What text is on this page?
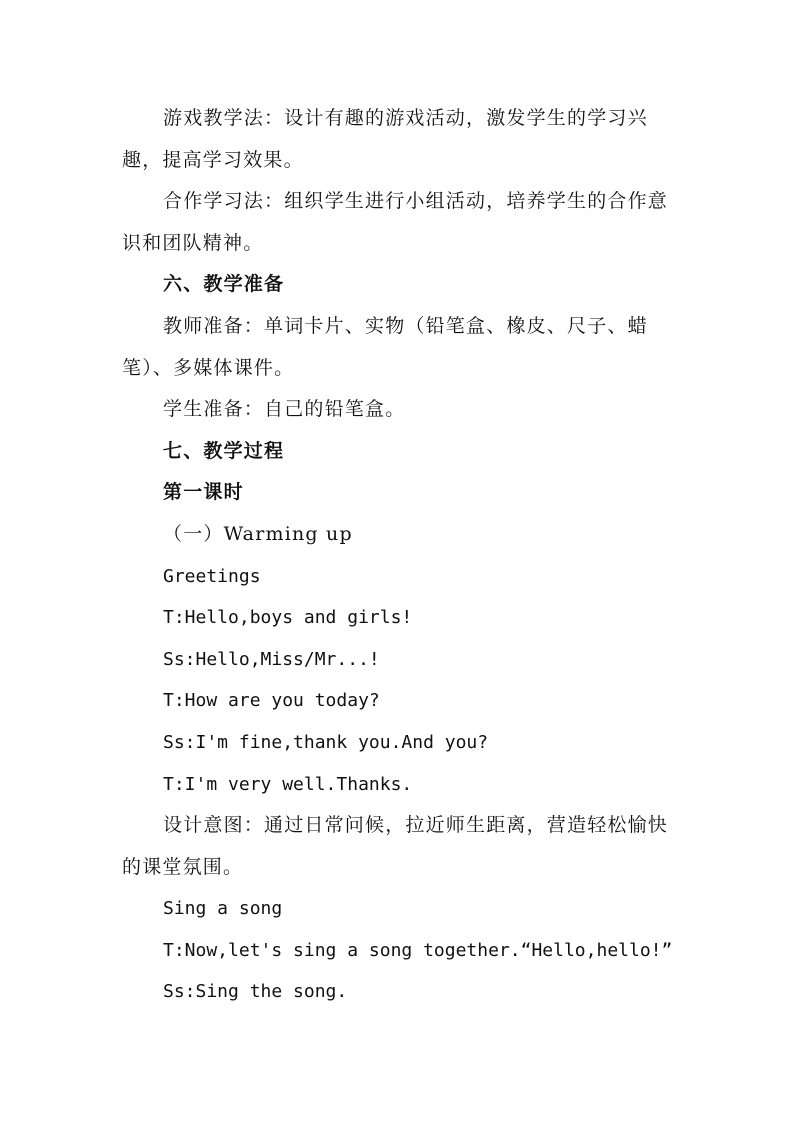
游戏教学法：设计有趣的游戏活动，激发学生的学习兴趣，提高学习效果。

合作学习法：组织学生进行小组活动，培养学生的合作意识和团队精神。

六、教学准备

教师准备：单词卡片、实物（铅笔盒、橡皮、尺子、蜡笔）、多媒体课件。

学生准备：自己的铅笔盒。

七、教学过程

第一课时

（一）Warming up

Greetings

T:Hello,boys and girls!

Ss:Hello,Miss/Mr...!

T:How are you today?

Ss:I'm fine,thank you.And you?

T:I'm very well.Thanks.

设计意图：通过日常问候，拉近师生距离，营造轻松愉快的课堂氛围。

Sing a song

T:Now,let's sing a song together.“Hello,hello!”

Ss:Sing the song.
